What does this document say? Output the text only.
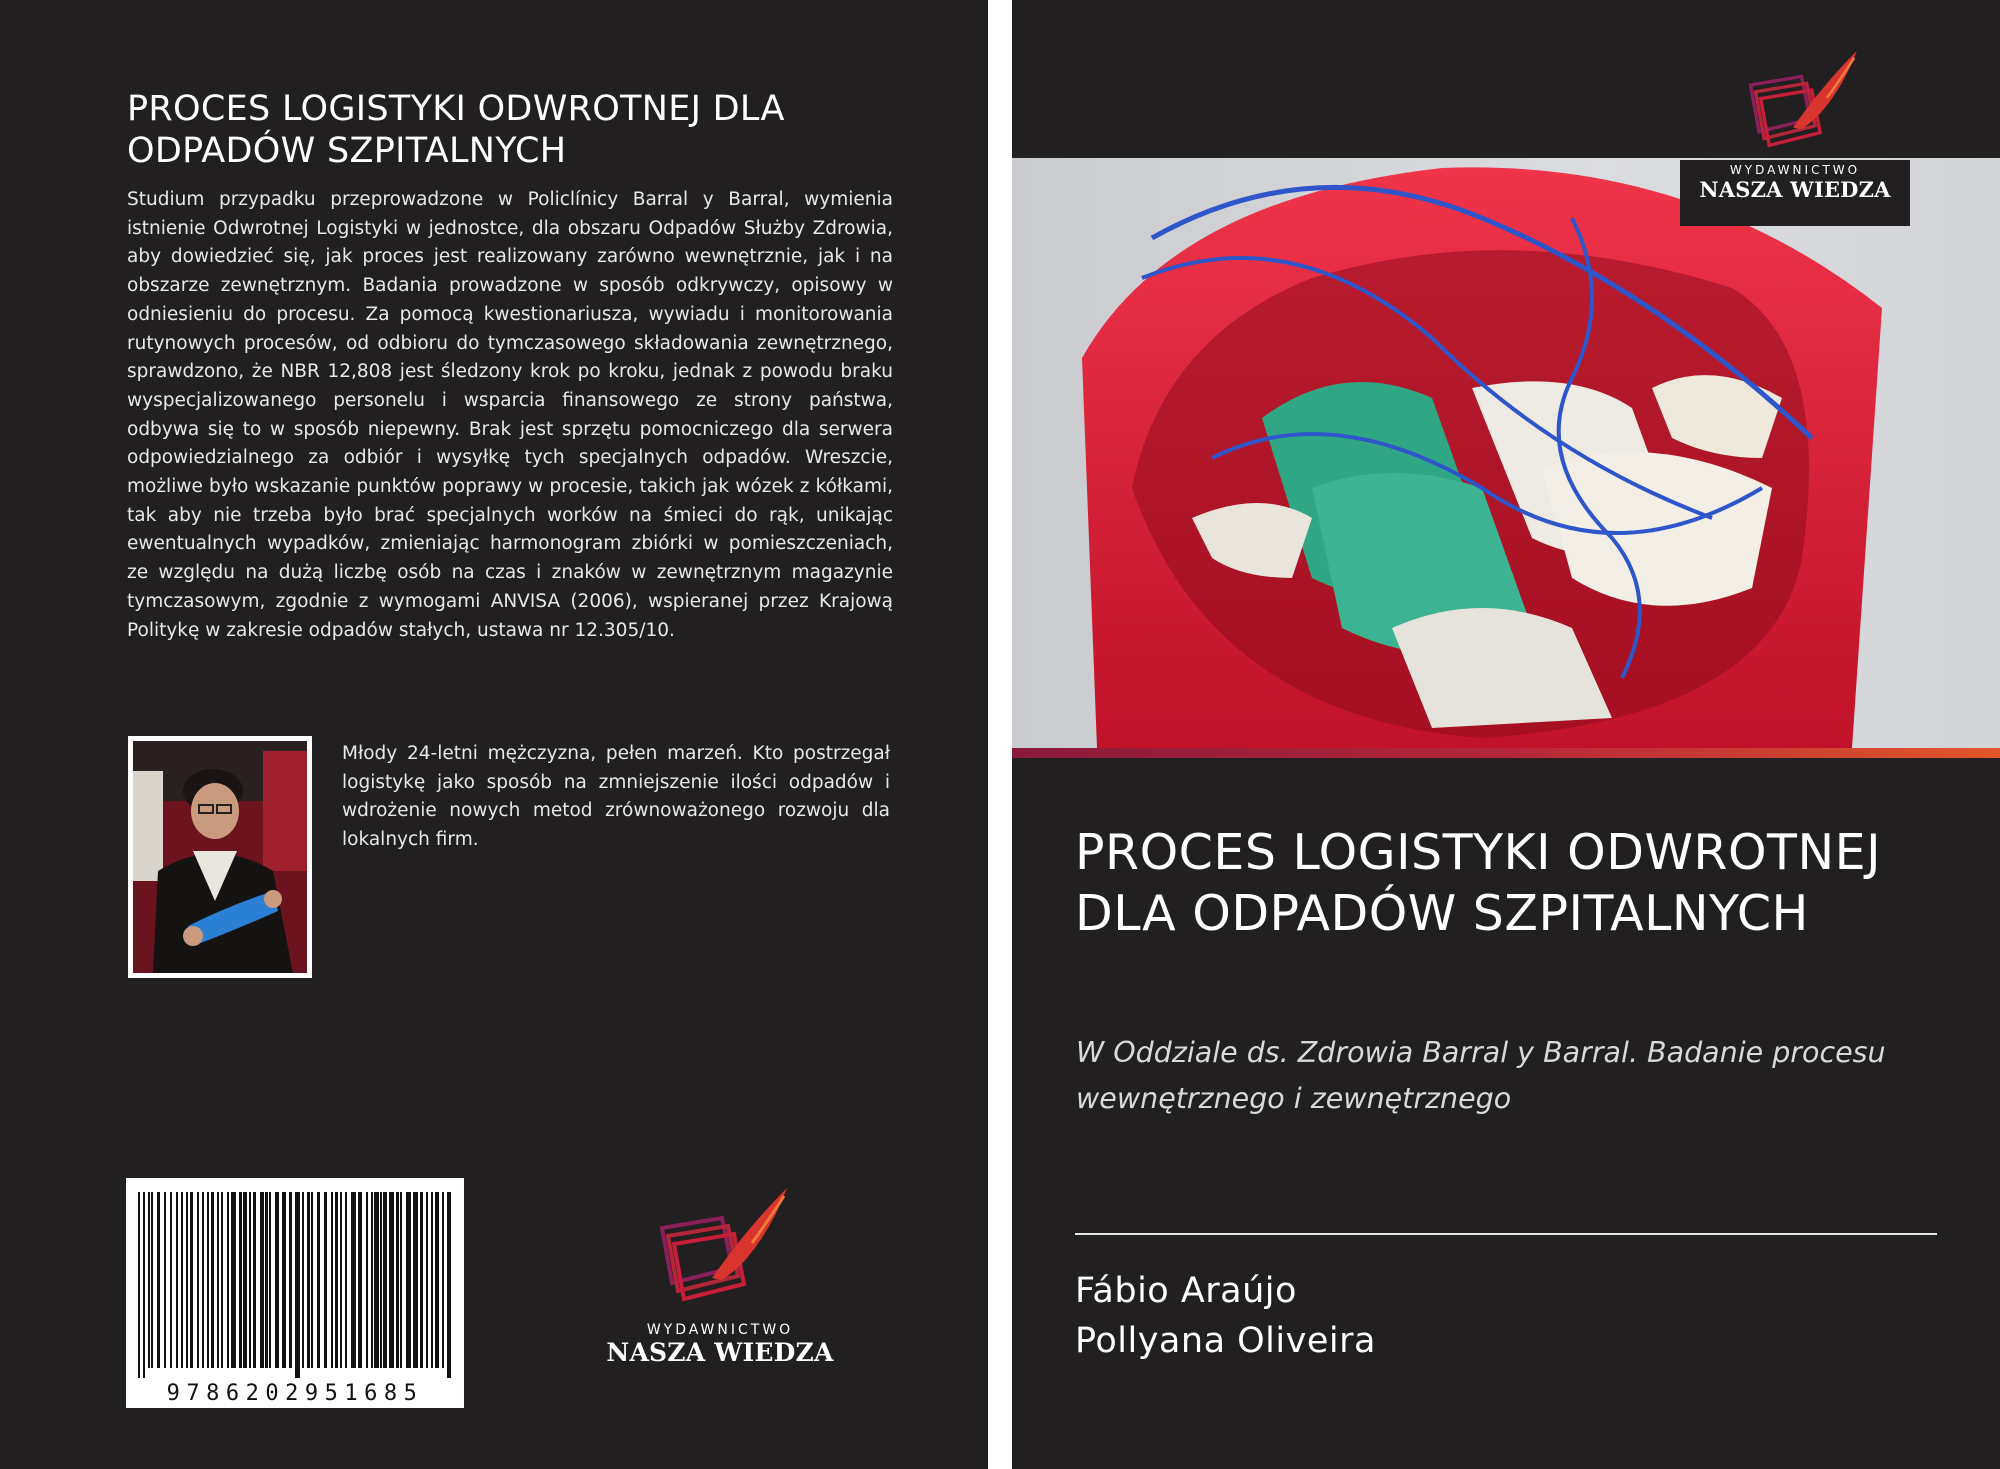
PROCES LOGISTYKI ODWROTNEJ DLA ODPADÓW SZPITALNYCH
Studium przypadku przeprowadzone w Policlínicy Barral y Barral, wymienia istnienie Odwrotnej Logistyki w jednostce, dla obszaru Odpadów Służby Zdrowia, aby dowiedzieć się, jak proces jest realizowany zarówno wewnętrznie, jak i na obszarze zewnętrznym. Badania prowadzone w sposób odkrywczy, opisowy w odniesieniu do procesu. Za pomocą kwestionariusza, wywiadu i monitorowania rutynowych procesów, od odbioru do tymczasowego składowania zewnętrznego, sprawdzono, że NBR 12,808 jest śledzony krok po kroku, jednak z powodu braku wyspecjalizowanego personelu i wsparcia finansowego ze strony państwa, odbywa się to w sposób niepewny. Brak jest sprzętu pomocniczego dla serwera odpowiedzialnego za odbiór i wysyłkę tych specjalnych odpadów. Wreszcie, możliwe było wskazanie punktów poprawy w procesie, takich jak wózek z kółkami, tak aby nie trzeba było brać specjalnych worków na śmieci do rąk, unikając ewentualnych wypadków, zmieniając harmonogram zbiórki w pomieszczeniach, ze względu na dużą liczbę osób na czas i znaków w zewnętrznym magazynie tymczasowym, zgodnie z wymogami ANVISA (2006), wspieranej przez Krajową Politykę w zakresie odpadów stałych, ustawa nr 12.305/10.
Młody 24-letni mężczyzna, pełen marzeń. Kto postrzegał logistykę jako sposób na zmniejszenie ilości odpadów i wdrożenie nowych metod zrównoważonego rozwoju dla lokalnych firm.
9786202951685
WYDAWNICTWO
NASZA WIEDZA
WYDAWNICTWO
NASZA WIEDZA
PROCES LOGISTYKI ODWROTNEJ DLA ODPADÓW SZPITALNYCH
W Oddziale ds. Zdrowia Barral y Barral. Badanie procesu wewnętrznego i zewnętrznego
Fábio Araújo
Pollyana Oliveira
